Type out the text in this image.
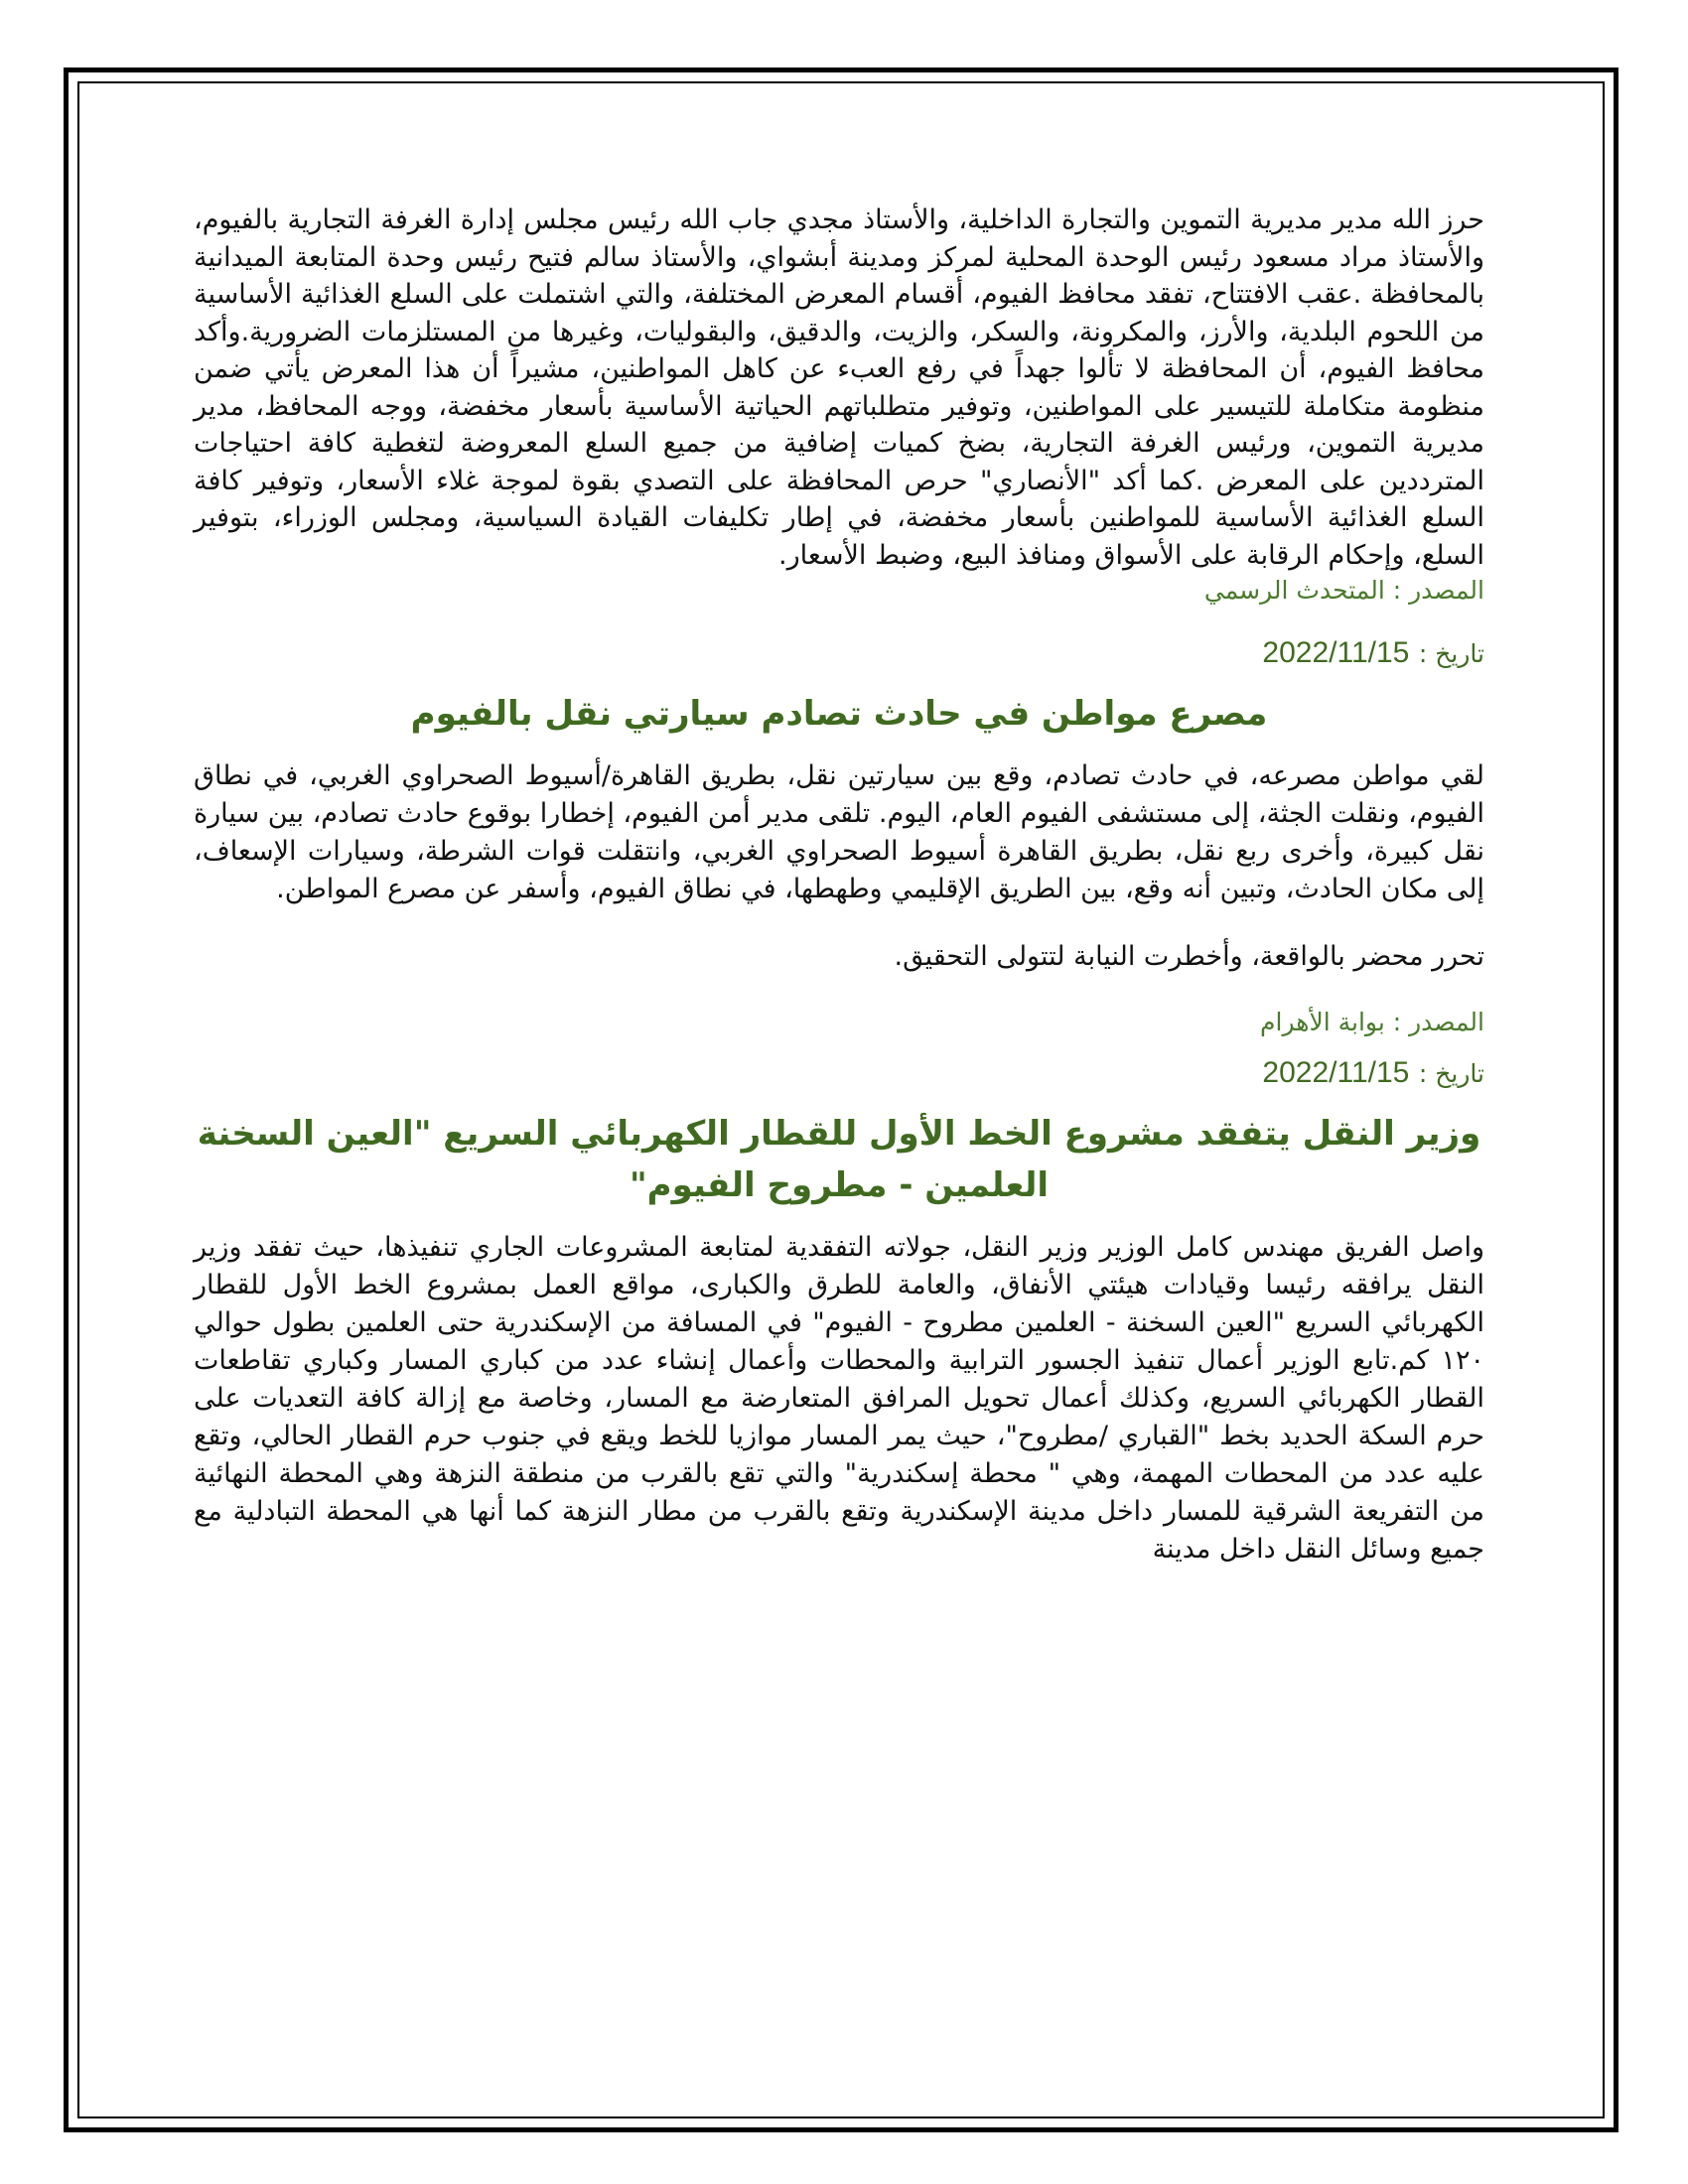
حرز الله مدير مديرية التموين والتجارة الداخلية، والأستاذ مجدي جاب الله رئيس مجلس إدارة الغرفة التجارية بالفيوم، والأستاذ مراد مسعود رئيس الوحدة المحلية لمركز ومدينة أبشواي، والأستاذ سالم فتيح رئيس وحدة المتابعة الميدانية بالمحافظة .عقب الافتتاح، تفقد محافظ الفيوم، أقسام المعرض المختلفة، والتي اشتملت على السلع الغذائية الأساسية من اللحوم البلدية، والأرز، والمكرونة، والسكر، والزيت، والدقيق، والبقوليات، وغيرها من المستلزمات الضرورية.وأكد محافظ الفيوم، أن المحافظة لا تألوا جهداً في رفع العبء عن كاهل المواطنين، مشيراً أن هذا المعرض يأتي ضمن منظومة متكاملة للتيسير على المواطنين، وتوفير متطلباتهم الحياتية الأساسية بأسعار مخفضة، ووجه المحافظ، مدير مديرية التموين، ورئيس الغرفة التجارية، بضخ كميات إضافية من جميع السلع المعروضة لتغطية كافة احتياجات المترددين على المعرض .كما أكد "الأنصاري" حرص المحافظة على التصدي بقوة لموجة غلاء الأسعار، وتوفير كافة السلع الغذائية الأساسية للمواطنين بأسعار مخفضة، في إطار تكليفات القيادة السياسية، ومجلس الوزراء، بتوفير السلع، وإحكام الرقابة على الأسواق ومنافذ البيع، وضبط الأسعار.

المصدر : المتحدث الرسمي

تاريخ : 2022/11/15

مصرع مواطن في حادث تصادم سيارتي نقل بالفيوم

لقي مواطن مصرعه، في حادث تصادم، وقع بين سيارتين نقل، بطريق القاهرة/أسيوط الصحراوي الغربي، في نطاق الفيوم، ونقلت الجثة، إلى مستشفى الفيوم العام، اليوم. تلقى مدير أمن الفيوم، إخطارا بوقوع حادث تصادم، بين سيارة نقل كبيرة، وأخرى ربع نقل، بطريق القاهرة أسيوط الصحراوي الغربي، وانتقلت قوات الشرطة، وسيارات الإسعاف، إلى مكان الحادث، وتبين أنه وقع، بين الطريق الإقليمي وطهطها، في نطاق الفيوم، وأسفر عن مصرع المواطن.

تحرر محضر بالواقعة، وأخطرت النيابة لتتولى التحقيق.

المصدر : بوابة الأهرام

تاريخ : 2022/11/15

وزير النقل يتفقد مشروع الخط الأول للقطار الكهربائي السريع "العين السخنة العلمين - مطروح الفيوم"

واصل الفريق مهندس كامل الوزير وزير النقل، جولاته التفقدية لمتابعة المشروعات الجاري تنفيذها، حيث تفقد وزير النقل يرافقه رئيسا وقيادات هيئتي الأنفاق، والعامة للطرق والكبارى، مواقع العمل بمشروع الخط الأول للقطار الكهربائي السريع "العين السخنة - العلمين مطروح - الفيوم" في المسافة من الإسكندرية حتى العلمين بطول حوالي ١٢٠ كم.تابع الوزير أعمال تنفيذ الجسور الترابية والمحطات وأعمال إنشاء عدد من كباري المسار وكباري تقاطعات القطار الكهربائي السريع، وكذلك أعمال تحويل المرافق المتعارضة مع المسار، وخاصة مع إزالة كافة التعديات على حرم السكة الحديد بخط "القباري /مطروح"، حيث يمر المسار موازيا للخط ويقع في جنوب حرم القطار الحالي، وتقع عليه عدد من المحطات المهمة، وهي " محطة إسكندرية" والتي تقع بالقرب من منطقة النزهة وهي المحطة النهائية من التفريعة الشرقية للمسار داخل مدينة الإسكندرية وتقع بالقرب من مطار النزهة كما أنها هي المحطة التبادلية مع جميع وسائل النقل داخل مدينة
